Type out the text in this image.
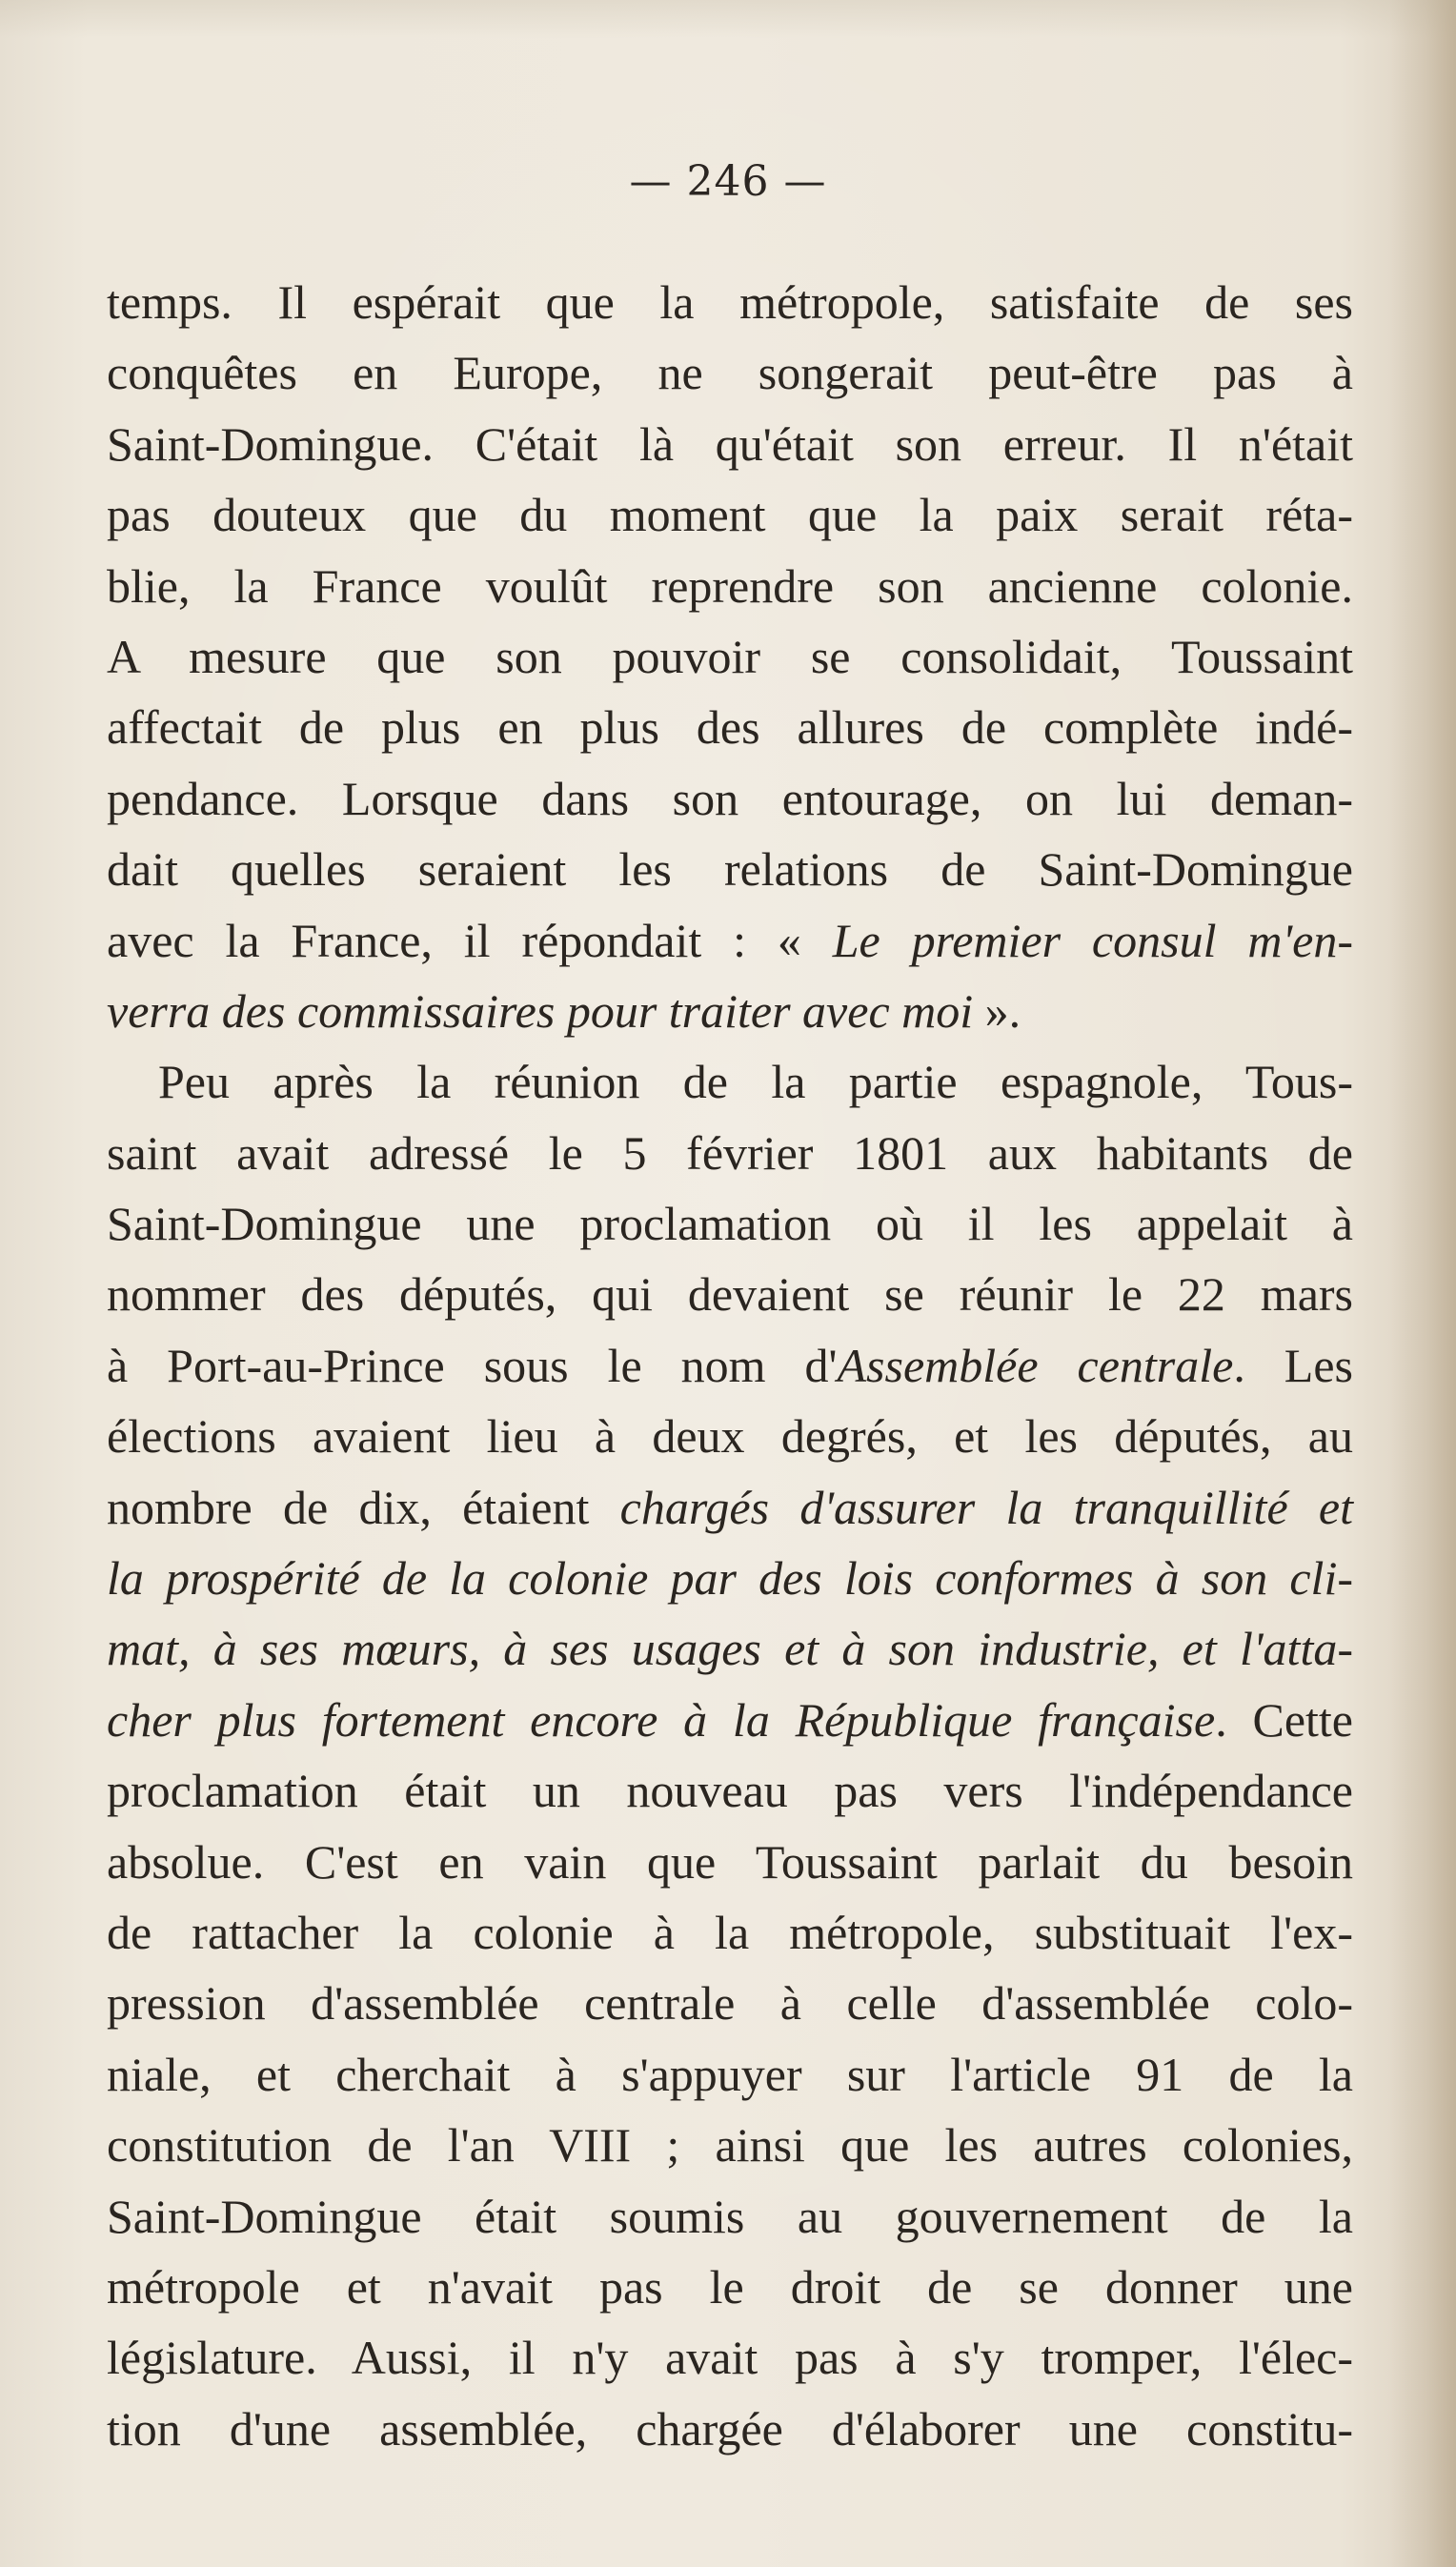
— 246 —
temps. Il espérait que la métropole, satisfaite de ses
conquêtes en Europe, ne songerait peut-être pas à
Saint-Domingue. C'était là qu'était son erreur. Il n'était
pas douteux que du moment que la paix serait réta-
blie, la France voulût reprendre son ancienne colonie.
A mesure que son pouvoir se consolidait, Toussaint
affectait de plus en plus des allures de complète indé-
pendance. Lorsque dans son entourage, on lui deman-
dait quelles seraient les relations de Saint-Domingue
avec la France, il répondait : « Le premier consul m'en-
verra des commissaires pour traiter avec moi ».
Peu après la réunion de la partie espagnole, Tous-
saint avait adressé le 5 février 1801 aux habitants de
Saint-Domingue une proclamation où il les appelait à
nommer des députés, qui devaient se réunir le 22 mars
à Port-au-Prince sous le nom d'Assemblée centrale. Les
élections avaient lieu à deux degrés, et les députés, au
nombre de dix, étaient chargés d'assurer la tranquillité et
la prospérité de la colonie par des lois conformes à son cli-
mat, à ses mœurs, à ses usages et à son industrie, et l'atta-
cher plus fortement encore à la République française. Cette
proclamation était un nouveau pas vers l'indépendance
absolue. C'est en vain que Toussaint parlait du besoin
de rattacher la colonie à la métropole, substituait l'ex-
pression d'assemblée centrale à celle d'assemblée colo-
niale, et cherchait à s'appuyer sur l'article 91 de la
constitution de l'an VIII ; ainsi que les autres colonies,
Saint-Domingue était soumis au gouvernement de la
métropole et n'avait pas le droit de se donner une
législature. Aussi, il n'y avait pas à s'y tromper, l'élec-
tion d'une assemblée, chargée d'élaborer une constitu-
